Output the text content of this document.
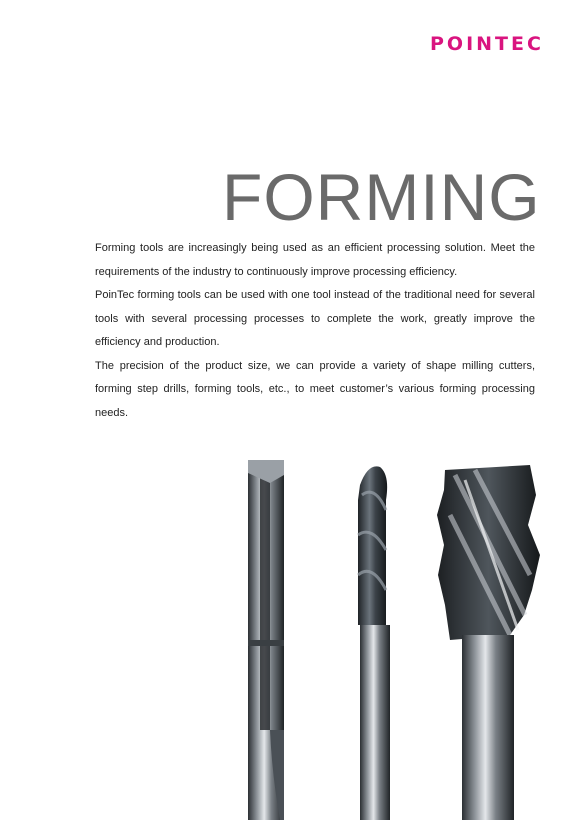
POINTEC
FORMING

Forming tools are increasingly being used as an efficient processing solution. Meet the requirements of the industry to continuously improve processing efficiency.

PoinTec forming tools can be used with one tool instead of the traditional need for several tools with several processing processes to complete the work, greatly improve the efficiency and production.

The precision of the product size, we can provide a variety of shape milling cutters, forming step drills, forming tools, etc., to meet customer’s various forming processing needs.
